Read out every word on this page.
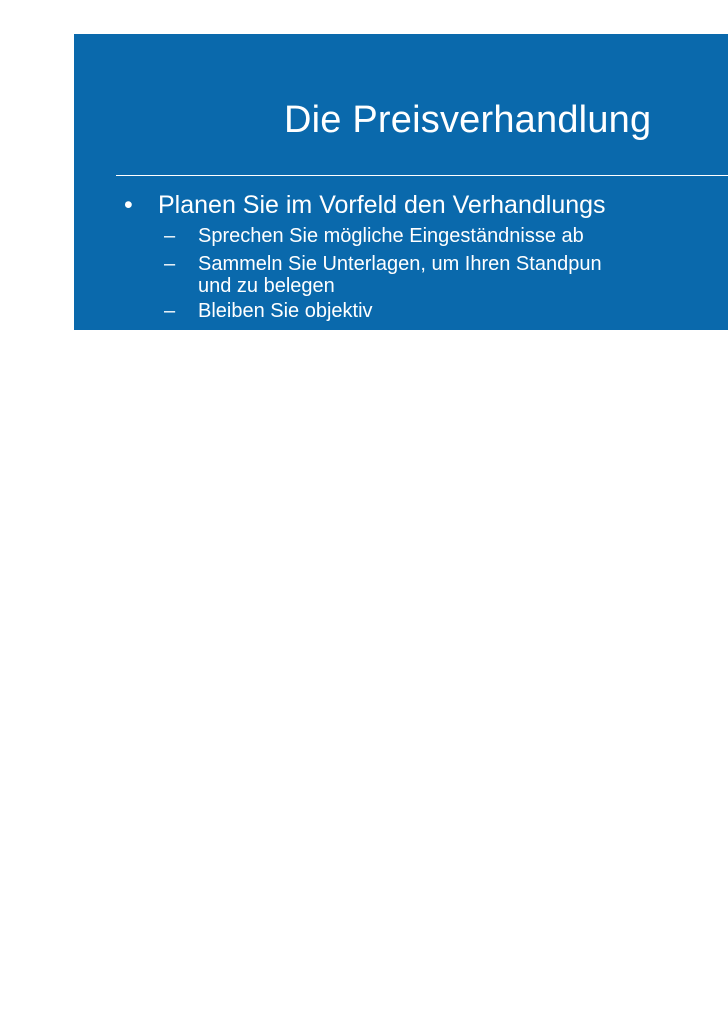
Die Preisverhandlung
• Planen Sie im Vorfeld den Verhandlungs
– Sprechen Sie mögliche Eingeständnisse ab
– Sammeln Sie Unterlagen, um Ihren Standpun
und zu belegen
– Bleiben Sie objektiv
• Berücksichtigen Sie nicht nur den Preis!
zeitpunkt, Zahlungstermin, eventuelle An
Inventar und Zubehör, Kostenübernahme
gehören ebenfalls verhandelt
• Behalten Sie eine klare Linie bei, halten
Ergebnisse immer schriftlich fest und las
das Protokoll unterschreiben
